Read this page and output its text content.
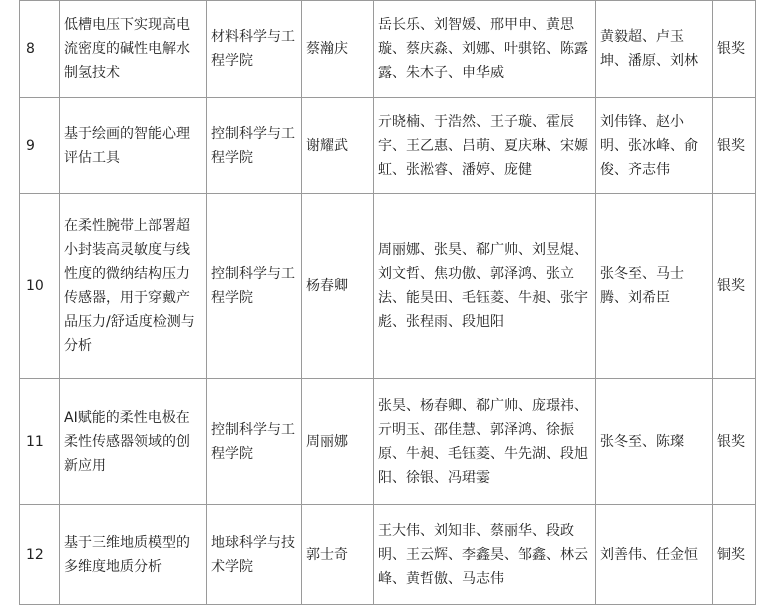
8	低槽电压下实现高电流密度的碱性电解水制氢技术	材料科学与工程学院	蔡瀚庆	岳长乐、刘智媛、邢甲申、黄思璇、蔡庆淼、刘娜、叶骐铭、陈露露、朱木子、申华威	黄毅超、卢玉坤、潘原、刘林	银奖
9	基于绘画的智能心理评估工具	控制科学与工程学院	谢耀武	亓晓楠、于浩然、王子璇、霍辰宇、王乙惠、吕萌、夏庆琳、宋嫄虹、张淞睿、潘婷、庞健	刘伟锋、赵小明、张冰峰、俞俊、齐志伟	银奖
10	在柔性腕带上部署超小封装高灵敏度与线性度的微纳结构压力传感器，用于穿戴产品压力/舒适度检测与分析	控制科学与工程学院	杨春卿	周丽娜、张昊、郗广帅、刘昱焜、刘文哲、焦功傲、郭泽鸿、张立法、能昊田、毛钰菱、牛昶、张宇彪、张程雨、段旭阳	张冬至、马士腾、刘希臣	银奖
11	AI赋能的柔性电极在柔性传感器领域的创新应用	控制科学与工程学院	周丽娜	张昊、杨春卿、郗广帅、庞璟祎、亓明玉、邵佳慧、郭泽鸿、徐振原、牛昶、毛钰菱、牛先湖、段旭阳、徐银、冯珺霎	张冬至、陈璨	银奖
12	基于三维地质模型的多维度地质分析	地球科学与技术学院	郭士奇	王大伟、刘知非、蔡丽华、段政明、王云辉、李鑫昊、邹鑫、林云峰、黄哲傲、马志伟	刘善伟、任金恒	铜奖
